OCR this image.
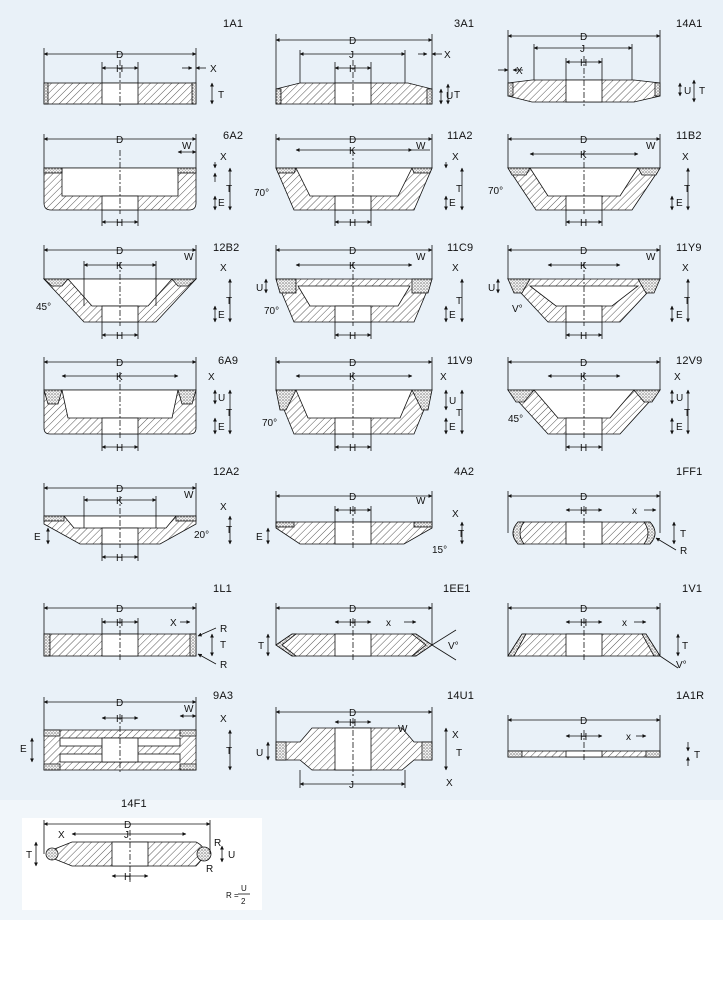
1A1	3A1	14A1
6A2	11A2	11B2
12B2	11C9	11Y9
6A9	11V9	12V9
12A2	4A2	1FF1
1L1	1EE1	1V1
9A3	14U1	1A1R
14F1
D
H	X
T
D
J
H
X
U T
D
J
H
X
U T
D
W
X
T
E
H
D
K	W
X
T
E
H
70°
D
K
W
X
T
E
H
70°
D
K
W
X
T
E
H
45°
D
K
W
X
U
T
E
H
70°
D
K
W
X
U
T
E
H
V°
D
K	X
U
T
E
H
D
K	X
U
T
E
H
70°
D
K	X
U
T
E
H
45°
D
K
W
X
T
E
H
20°
D
H
W
X
T
E
15°
D
H	x
T
R
D
H	X
R
T
R
D
H	x
T	V°
D
H	x
T
V°
D
H
W
X
T
E
D
H
W
X
T
X
U
J
D
H	x
T
D
J
X
T
H
R
U
R
R =
U
2
